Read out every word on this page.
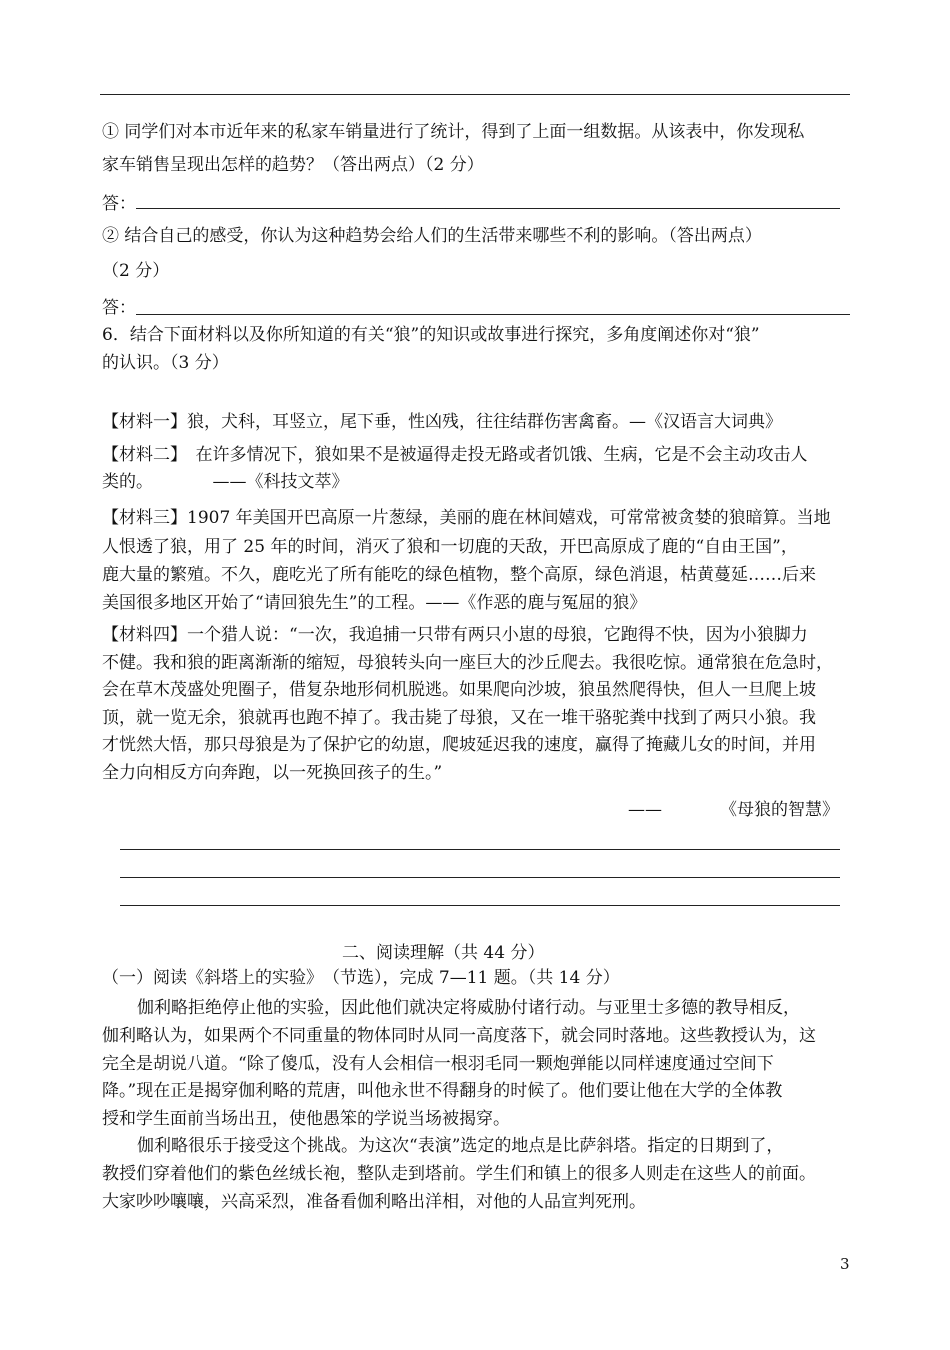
① 同学们对本市近年来的私家车销量进行了统计，得到了上面一组数据。从该表中，你发现私
家车销售呈现出怎样的趋势？（答出两点）（2 分）
答：
② 结合自己的感受，你认为这种趋势会给人们的生活带来哪些不利的影响。（答出两点）
（2 分）
答：
6．结合下面材料以及你所知道的有关“狼”的知识或故事进行探究，多角度阐述你对“狼”
的认识。（3 分）
【材料一】狼，犬科，耳竖立，尾下垂，性凶残，往往结群伤害禽畜。—《汉语言大词典》
【材料二】　在许多情况下，狼如果不是被逼得走投无路或者饥饿、生病，它是不会主动攻击人
类的。　　　　——《科技文萃》
【材料三】1907 年美国开巴高原一片葱绿，美丽的鹿在林间嬉戏，可常常被贪婪的狼暗算。当地
人恨透了狼，用了 25 年的时间，消灭了狼和一切鹿的天敌，开巴高原成了鹿的“自由王国”，
鹿大量的繁殖。不久，鹿吃光了所有能吃的绿色植物，整个高原，绿色消退，枯黄蔓延……后来
美国很多地区开始了“请回狼先生”的工程。——《作恶的鹿与冤屈的狼》
【材料四】一个猎人说：“一次，我追捕一只带有两只小崽的母狼，它跑得不快，因为小狼脚力
不健。我和狼的距离渐渐的缩短，母狼转头向一座巨大的沙丘爬去。我很吃惊。通常狼在危急时，
会在草木茂盛处兜圈子，借复杂地形伺机脱逃。如果爬向沙坡，狼虽然爬得快，但人一旦爬上坡
顶，就一览无余，狼就再也跑不掉了。我击毙了母狼，又在一堆干骆驼粪中找到了两只小狼。我
才恍然大悟，那只母狼是为了保护它的幼崽，爬坡延迟我的速度，赢得了掩藏儿女的时间，并用
全力向相反方向奔跑，以一死换回孩子的生。”
——	《母狼的智慧》
二、阅读理解（共 44 分）
（一）阅读《斜塔上的实验》　（节选），完成 7—11 题。（共 14 分）
伽利略拒绝停止他的实验，因此他们就决定将威胁付诸行动。与亚里士多德的教导相反，
伽利略认为，如果两个不同重量的物体同时从同一高度落下，就会同时落地。这些教授认为，这
完全是胡说八道。“除了傻瓜，没有人会相信一根羽毛同一颗炮弹能以同样速度通过空间下
降。”现在正是揭穿伽利略的荒唐，叫他永世不得翻身的时候了。他们要让他在大学的全体教
授和学生面前当场出丑，使他愚笨的学说当场被揭穿。
伽利略很乐于接受这个挑战。为这次“表演”选定的地点是比萨斜塔。指定的日期到了，
教授们穿着他们的紫色丝绒长袍，整队走到塔前。学生们和镇上的很多人则走在这些人的前面。
大家吵吵嚷嚷，兴高采烈，准备看伽利略出洋相，对他的人品宣判死刑。
3
